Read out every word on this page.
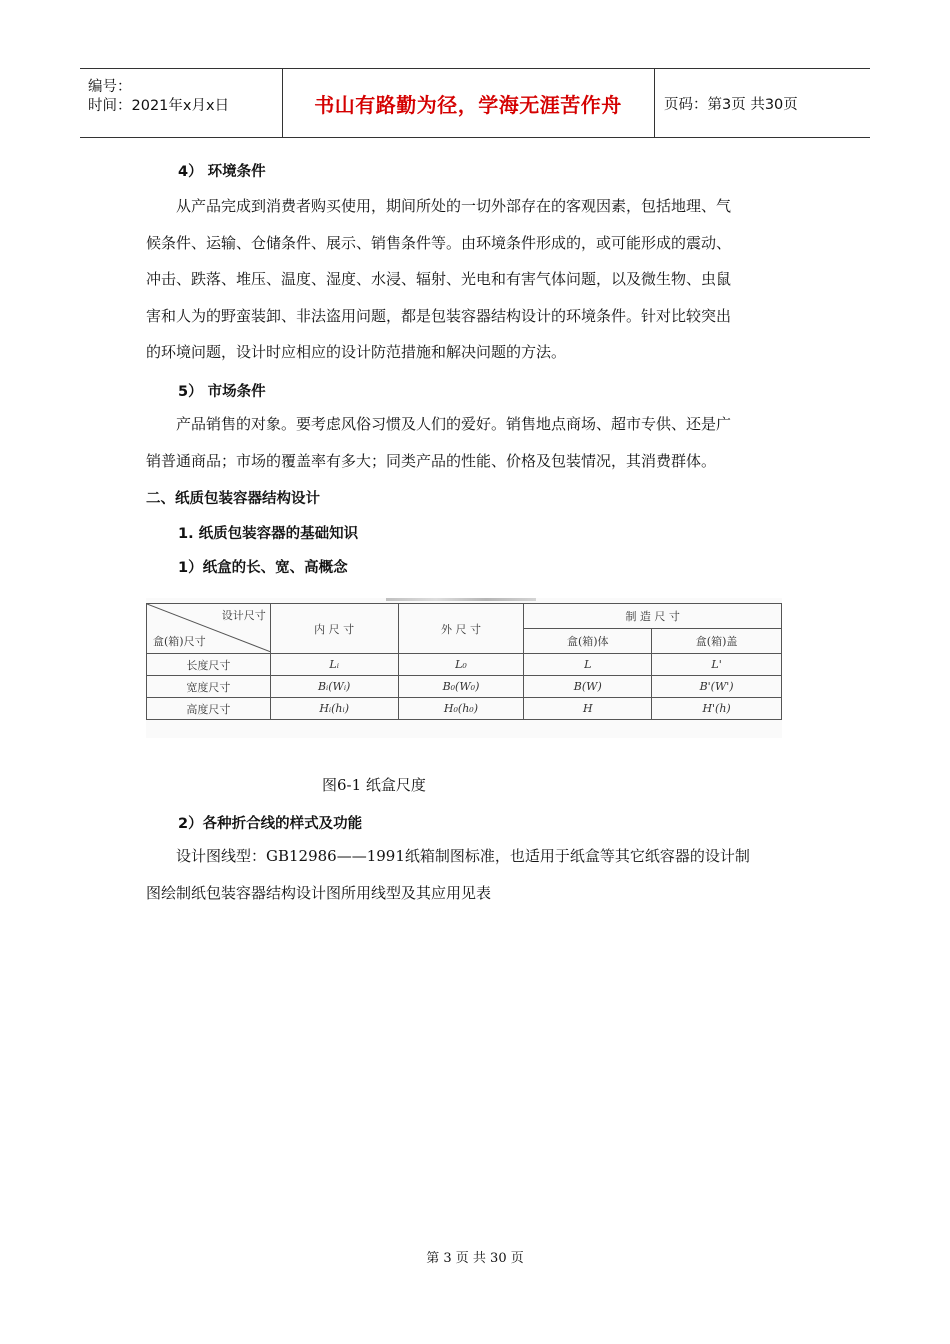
编号：
时间：2021年x月x日	书山有路勤为径，学海无涯苦作舟	页码：第3页 共30页
4） 环境条件
从产品完成到消费者购买使用，期间所处的一切外部存在的客观因素，包括地理、气
候条件、运输、仓储条件、展示、销售条件等。由环境条件形成的，或可能形成的震动、
冲击、跌落、堆压、温度、湿度、水浸、辐射、光电和有害气体问题，以及微生物、虫鼠
害和人为的野蛮装卸、非法盗用问题，都是包装容器结构设计的环境条件。针对比较突出
的环境问题，设计时应相应的设计防范措施和解决问题的方法。
5） 市场条件
产品销售的对象。要考虑风俗习惯及人们的爱好。销售地点商场、超市专供、还是广
销普通商品；市场的覆盖率有多大；同类产品的性能、价格及包装情况，其消费群体。
二、纸质包装容器结构设计
1. 纸质包装容器的基础知识
1）纸盒的长、宽、高概念
设计尺寸
盒(箱)尺寸	内 尺 寸	外 尺 寸	制 造 尺 寸	
			盒(箱)体	盒(箱)盖
长度尺寸	Lᵢ	L₀	L	L'
宽度尺寸	Bᵢ(Wᵢ)	B₀(W₀)	B(W)	B'(W')
高度尺寸	Hᵢ(hᵢ)	H₀(h₀)	H	H'(h)
图6-1 纸盒尺度
2）各种折合线的样式及功能
设计图线型：GB12986——1991纸箱制图标准，也适用于纸盒等其它纸容器的设计制
图绘制纸包装容器结构设计图所用线型及其应用见表
第 3 页 共 30 页
